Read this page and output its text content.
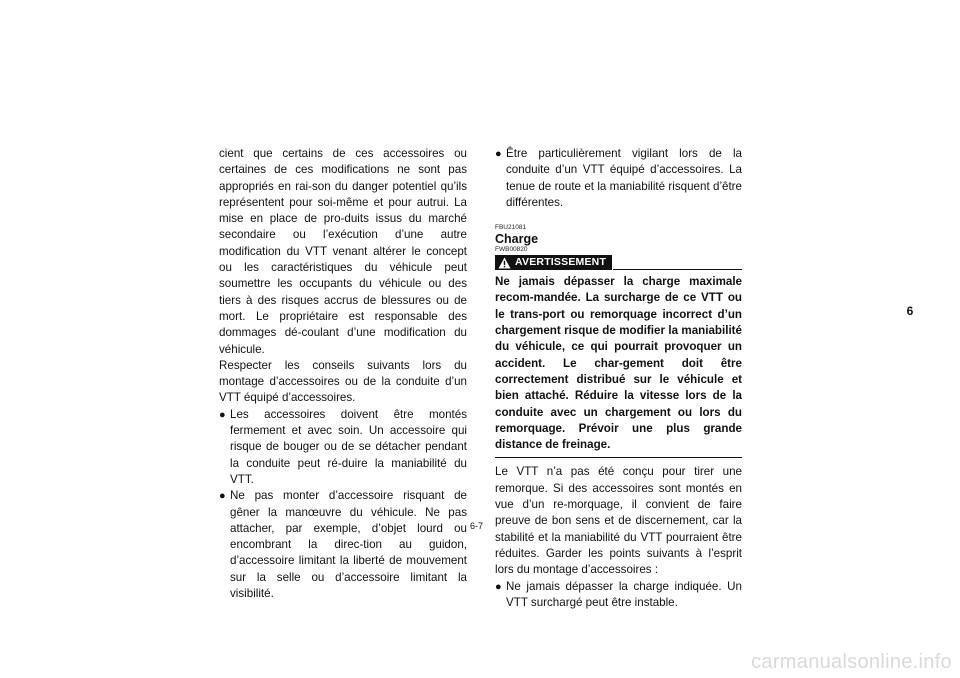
cient que certains de ces accessoires ou certaines de ces modifications ne sont pas appropriés en rai-son du danger potentiel qu’ils représentent pour soi-même et pour autrui. La mise en place de pro-duits issus du marché secondaire ou l’exécution d’une autre modification du VTT venant altérer le concept ou les caractéristiques du véhicule peut soumettre les occupants du véhicule ou des tiers à des risques accrus de blessures ou de mort. Le propriétaire est responsable des dommages dé-coulant d’une modification du véhicule.

Respecter les conseils suivants lors du montage d’accessoires ou de la conduite d’un VTT équipé d’accessoires.

● Les accessoires doivent être montés fermement et avec soin. Un accessoire qui risque de bouger ou de se détacher pendant la conduite peut ré-duire la maniabilité du VTT.
● Ne pas monter d’accessoire risquant de gêner la manœuvre du véhicule. Ne pas attacher, par exemple, d’objet lourd ou encombrant la direc-tion au guidon, d’accessoire limitant la liberté de mouvement sur la selle ou d’accessoire limitant la visibilité.
● Être particulièrement vigilant lors de la conduite d’un VTT équipé d’accessoires. La tenue de route et la maniabilité risquent d’être différentes.
FBU21081
Charge
FWB00820
AVERTISSEMENT

Ne jamais dépasser la charge maximale recom-mandée. La surcharge de ce VTT ou le trans-port ou remorquage incorrect d’un chargement risque de modifier la maniabilité du véhicule, ce qui pourrait provoquer un accident. Le char-gement doit être correctement distribué sur le véhicule et bien attaché. Réduire la vitesse lors de la conduite avec un chargement ou lors du remorquage. Prévoir une plus grande distance de freinage.

Le VTT n’a pas été conçu pour tirer une remorque. Si des accessoires sont montés en vue d’un re-morquage, il convient de faire preuve de bon sens et de discernement, car la stabilité et la maniabilité du VTT pourraient être réduites. Garder les points suivants à l’esprit lors du montage d’accessoires :

● Ne jamais dépasser la charge indiquée. Un VTT surchargé peut être instable.
6
6-7
carmanualsonline.info
